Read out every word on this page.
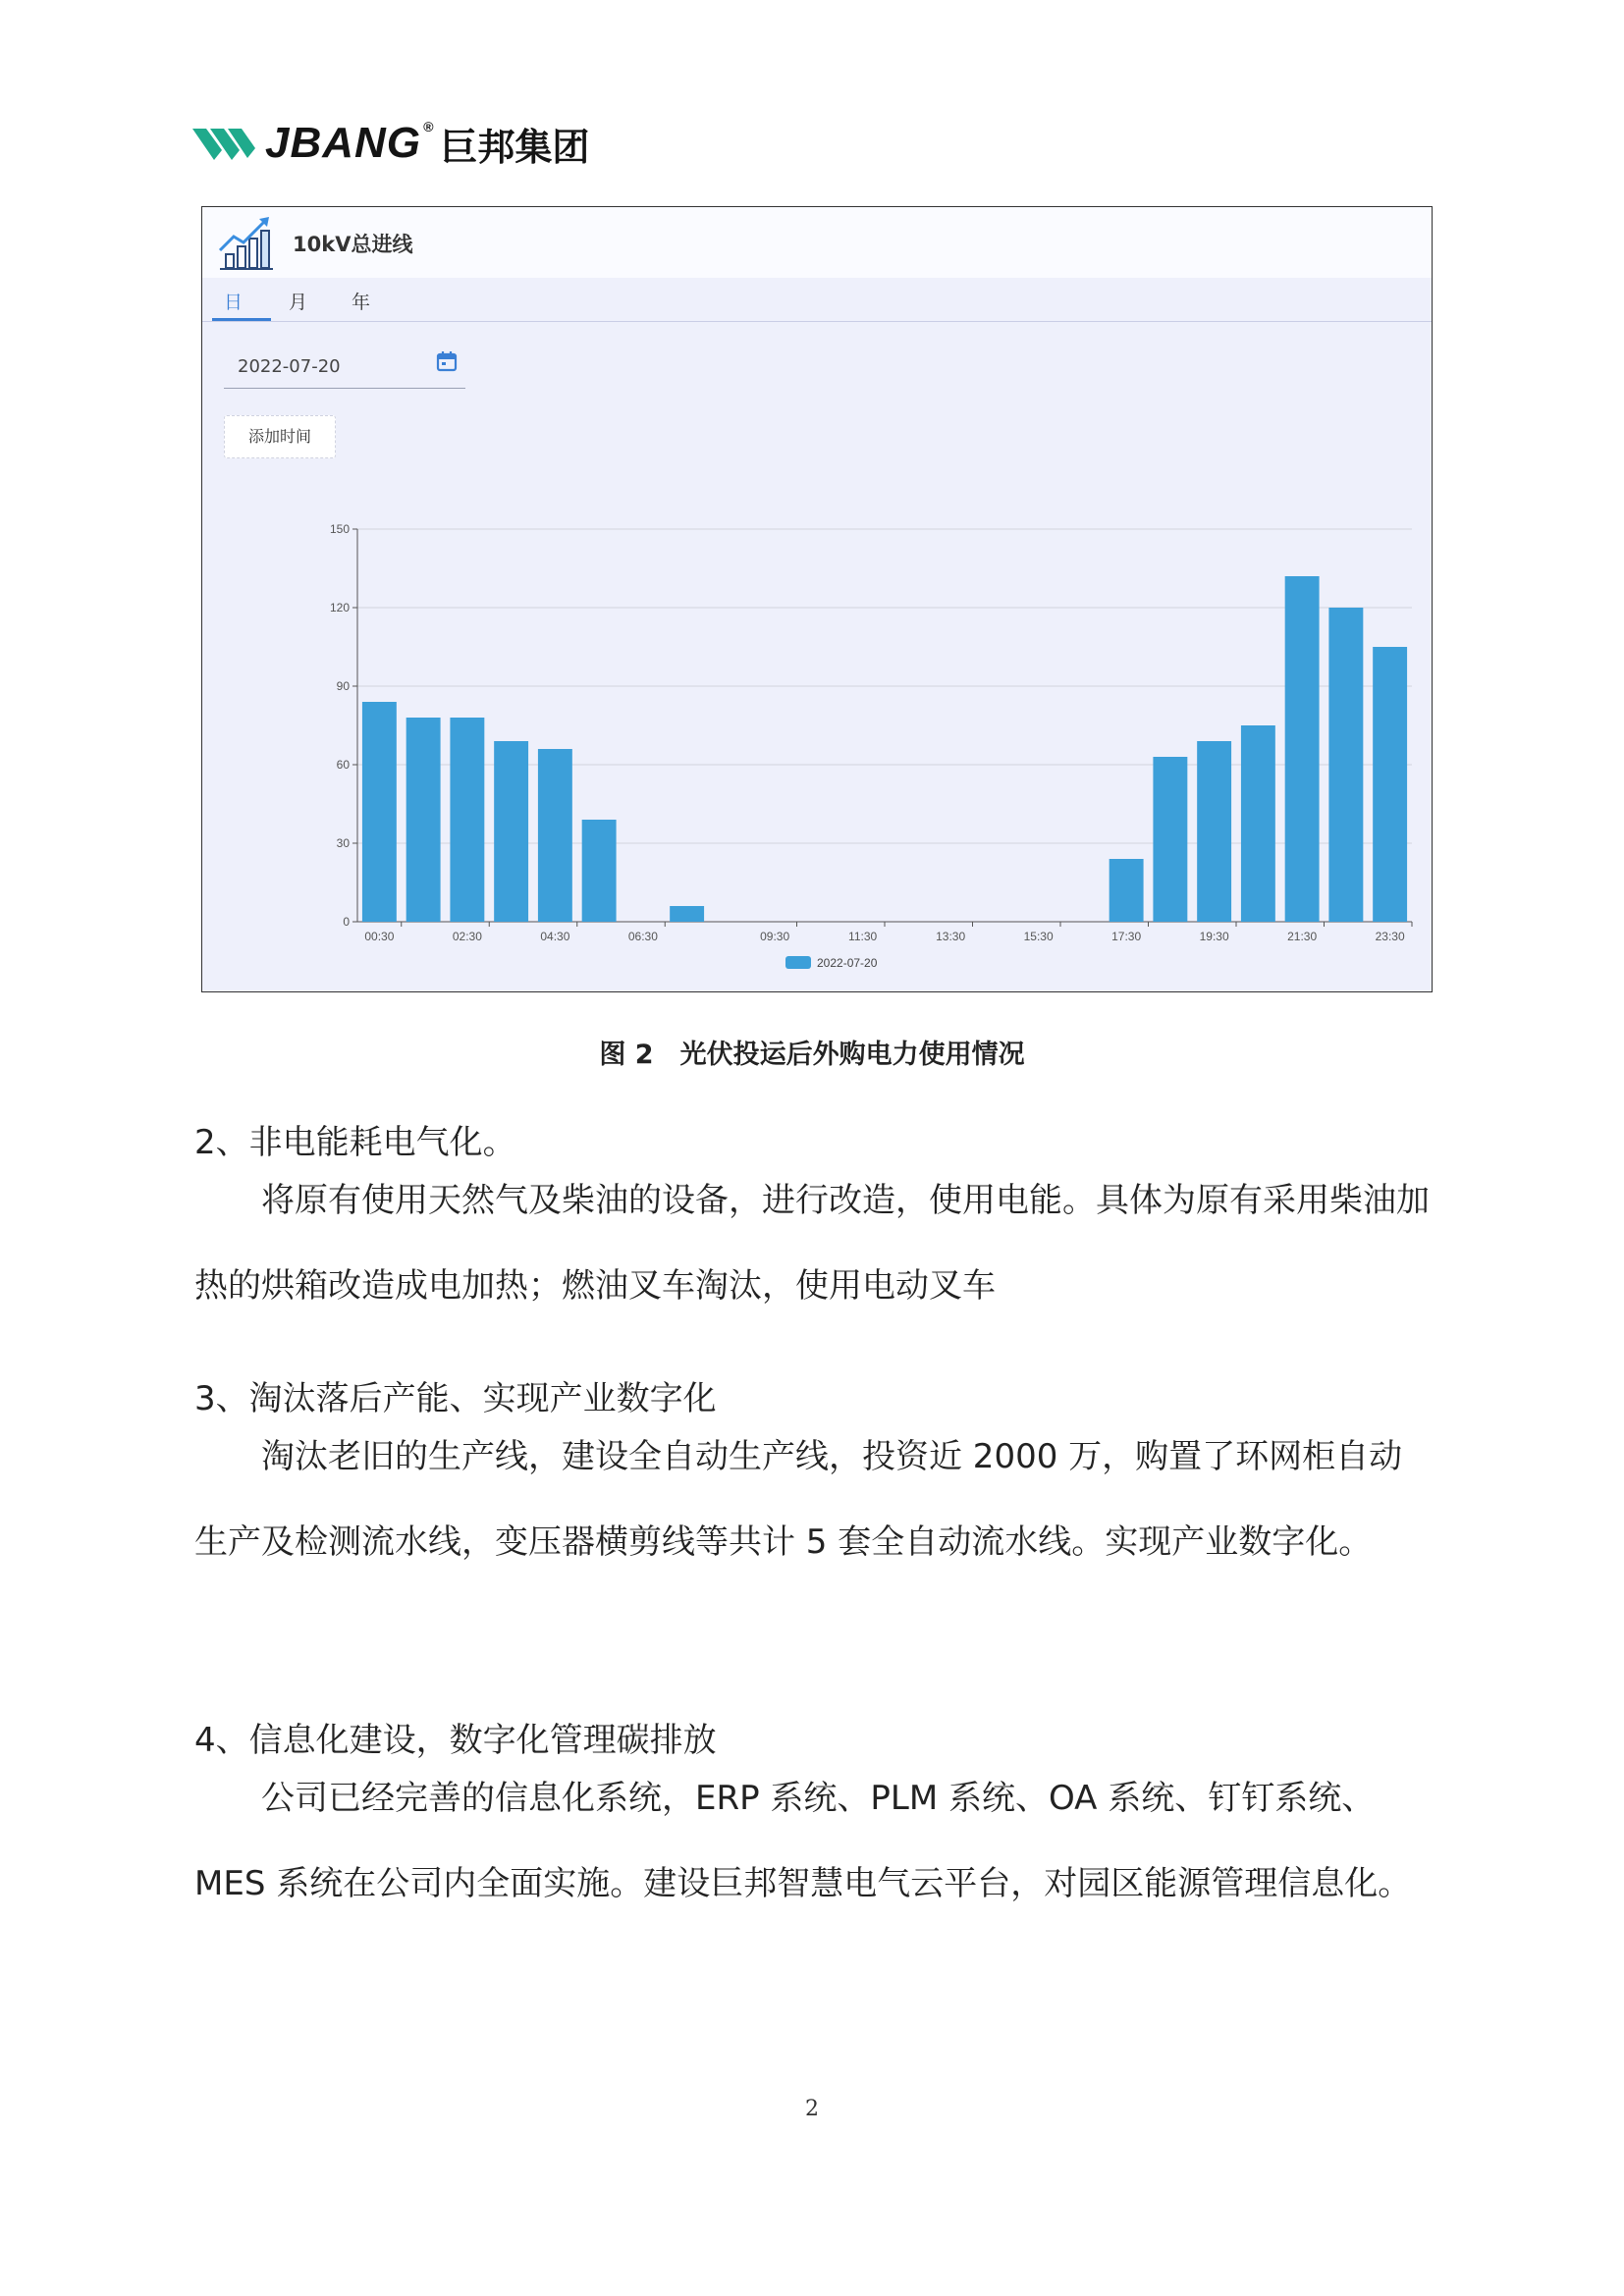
JBANG ® 巨邦集团
10kV总进线
日 月 年
2022-07-20
添加时间
0
30
60
90
120
150
00:30	02:30	04:30	06:30	09:30	11:30	13:30	15:30	17:30	19:30	21:30	23:30
2022-07-20
图 2　光伏投运后外购电力使用情况
2、非电能耗电气化。
将原有使用天然气及柴油的设备，进行改造，使用电能。具体为原有采用柴油加热的烘箱改造成电加热；燃油叉车淘汰，使用电动叉车
3、淘汰落后产能、实现产业数字化
淘汰老旧的生产线，建设全自动生产线，投资近 2000 万，购置了环网柜自动生产及检测流水线，变压器横剪线等共计 5 套全自动流水线。实现产业数字化。
4、信息化建设，数字化管理碳排放
公司已经完善的信息化系统，ERP 系统、PLM 系统、OA 系统、钉钉系统、MES 系统在公司内全面实施。建设巨邦智慧电气云平台，对园区能源管理信息化。
2
